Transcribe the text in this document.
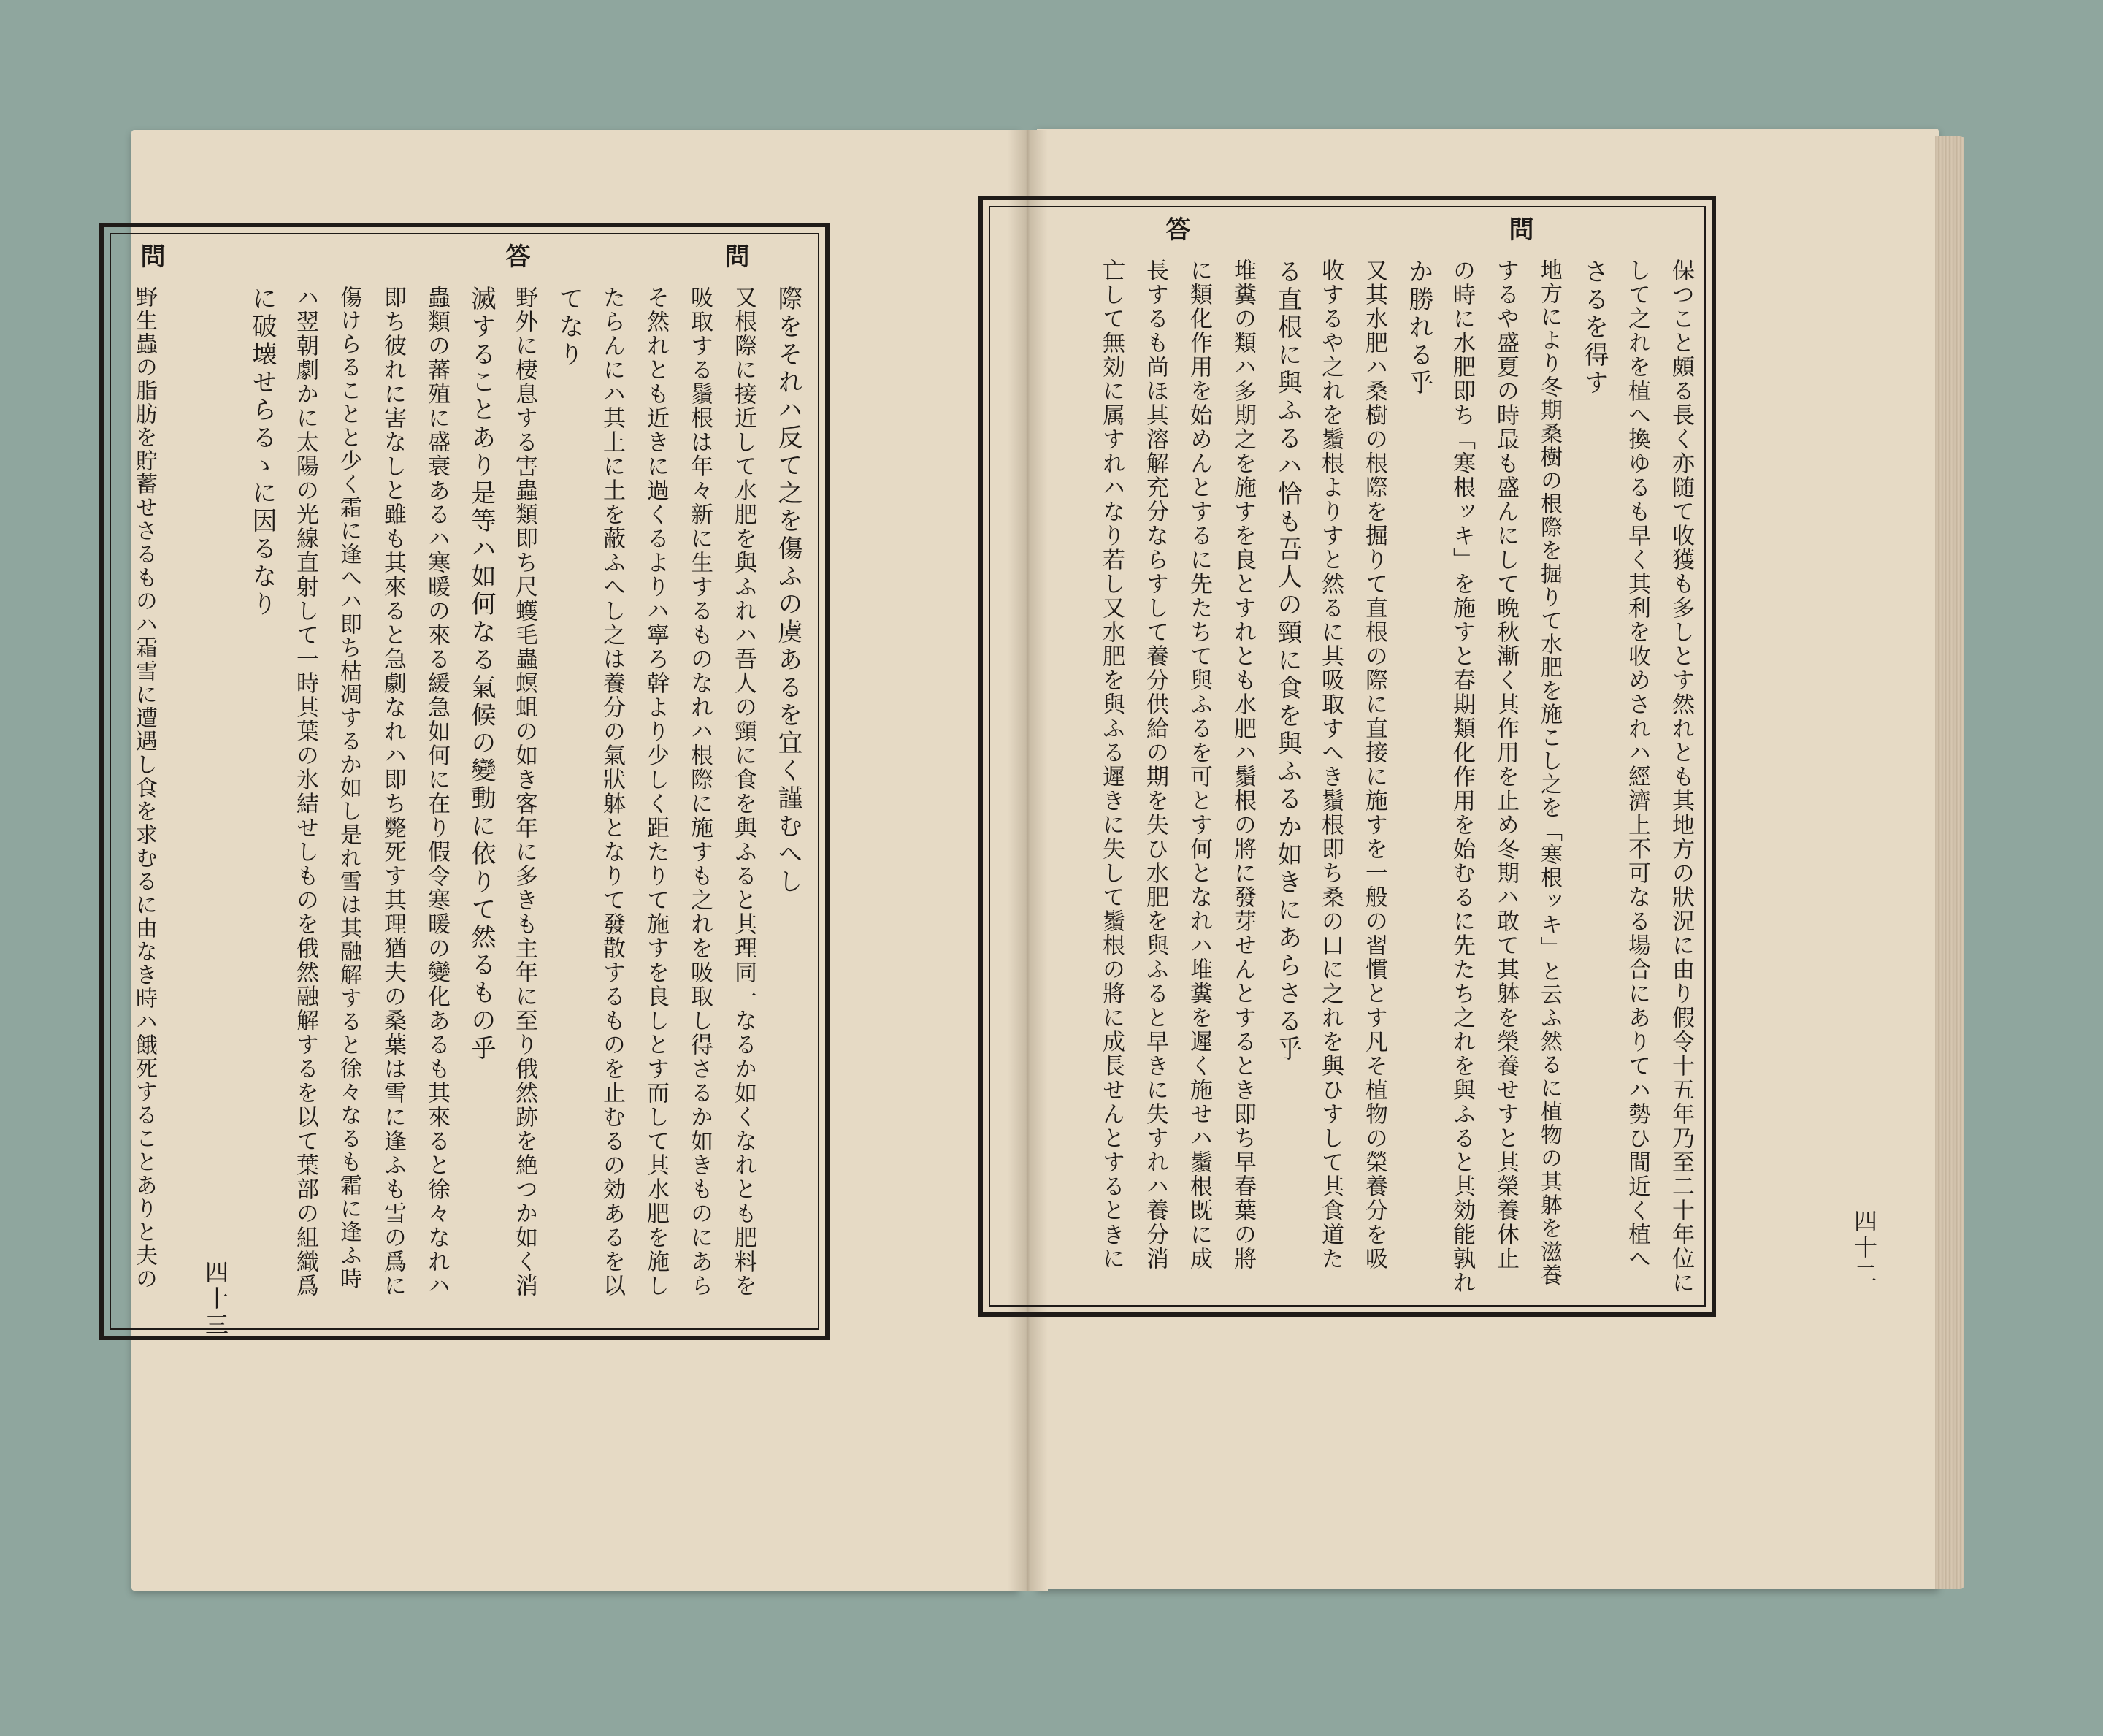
問
答
保つこと頗る長く亦随て收獲も多しとす然れとも其地方の狀況に由り假令十五年乃至二十年位に
して之れを植へ換ゆるも早く其利を收めされハ經濟上不可なる場合にありてハ勢ひ間近く植へ
さるを得す
地方により冬期桑樹の根際を掘りて水肥を施こし之を「寒根ッキ」と云ふ然るに植物の其躰を滋養
するや盛夏の時最も盛んにして晩秋漸く其作用を止め冬期ハ敢て其躰を榮養せすと其榮養休止
の時に水肥即ち「寒根ッキ」を施すと春期類化作用を始むるに先たち之れを與ふると其効能孰れ
か勝れる乎
又其水肥ハ桑樹の根際を掘りて直根の際に直接に施すを一般の習慣とす凡そ植物の榮養分を吸
收するや之れを鬚根よりすと然るに其吸取すへき鬚根即ち桑の口に之れを與ひすして其食道た
る直根に與ふるハ恰も吾人の頸に食を與ふるか如きにあらさる乎
堆糞の類ハ多期之を施すを良とすれとも水肥ハ鬚根の將に發芽せんとするとき即ち早春葉の將
に類化作用を始めんとするに先たちて與ふるを可とす何となれハ堆糞を遲く施せハ鬚根既に成
長するも尚ほ其溶解充分ならすして養分供給の期を失ひ水肥を與ふると早きに失すれハ養分消
亡して無効に属すれハなり若し又水肥を與ふる遲きに失して鬚根の將に成長せんとするときに	四十二
問
答
問
際をそれハ反て之を傷ふの虞あるを宜く謹むへし
又根際に接近して水肥を與ふれハ吾人の頸に食を與ふると其理同一なるか如くなれとも肥料を
吸取する鬚根は年々新に生するものなれハ根際に施すも之れを吸取し得さるか如きものにあら
そ然れとも近きに過くるよりハ寧ろ幹より少しく距たりて施すを良しとす而して其水肥を施し
たらんにハ其上に土を蔽ふへし之は養分の氣狀躰となりて發散するものを止むるの効あるを以
てなり
野外に棲息する害蟲類即ち尺蠖毛蟲螟蛆の如き客年に多きも主年に至り俄然跡を絶つか如く消
滅することあり是等ハ如何なる氣候の變動に依りて然るもの乎
蟲類の蕃殖に盛衰あるハ寒暖の來る緩急如何に在り假令寒暖の變化あるも其來ると徐々なれハ
即ち彼れに害なしと雖も其來ると急劇なれハ即ち斃死す其理猶夫の桑葉は雪に逢ふも雪の爲に
傷けらることと少く霜に逢へハ即ち枯凋するか如し是れ雪は其融解すると徐々なるも霜に逢ふ時
ハ翌朝劇かに太陽の光線直射して一時其葉の氷結せしものを俄然融解するを以て葉部の組織爲
に破壊せらるゝに因るなり
野生蟲の脂肪を貯蓄せさるものハ霜雪に遭遇し食を求むるに由なき時ハ餓死することありと夫の
四十三
